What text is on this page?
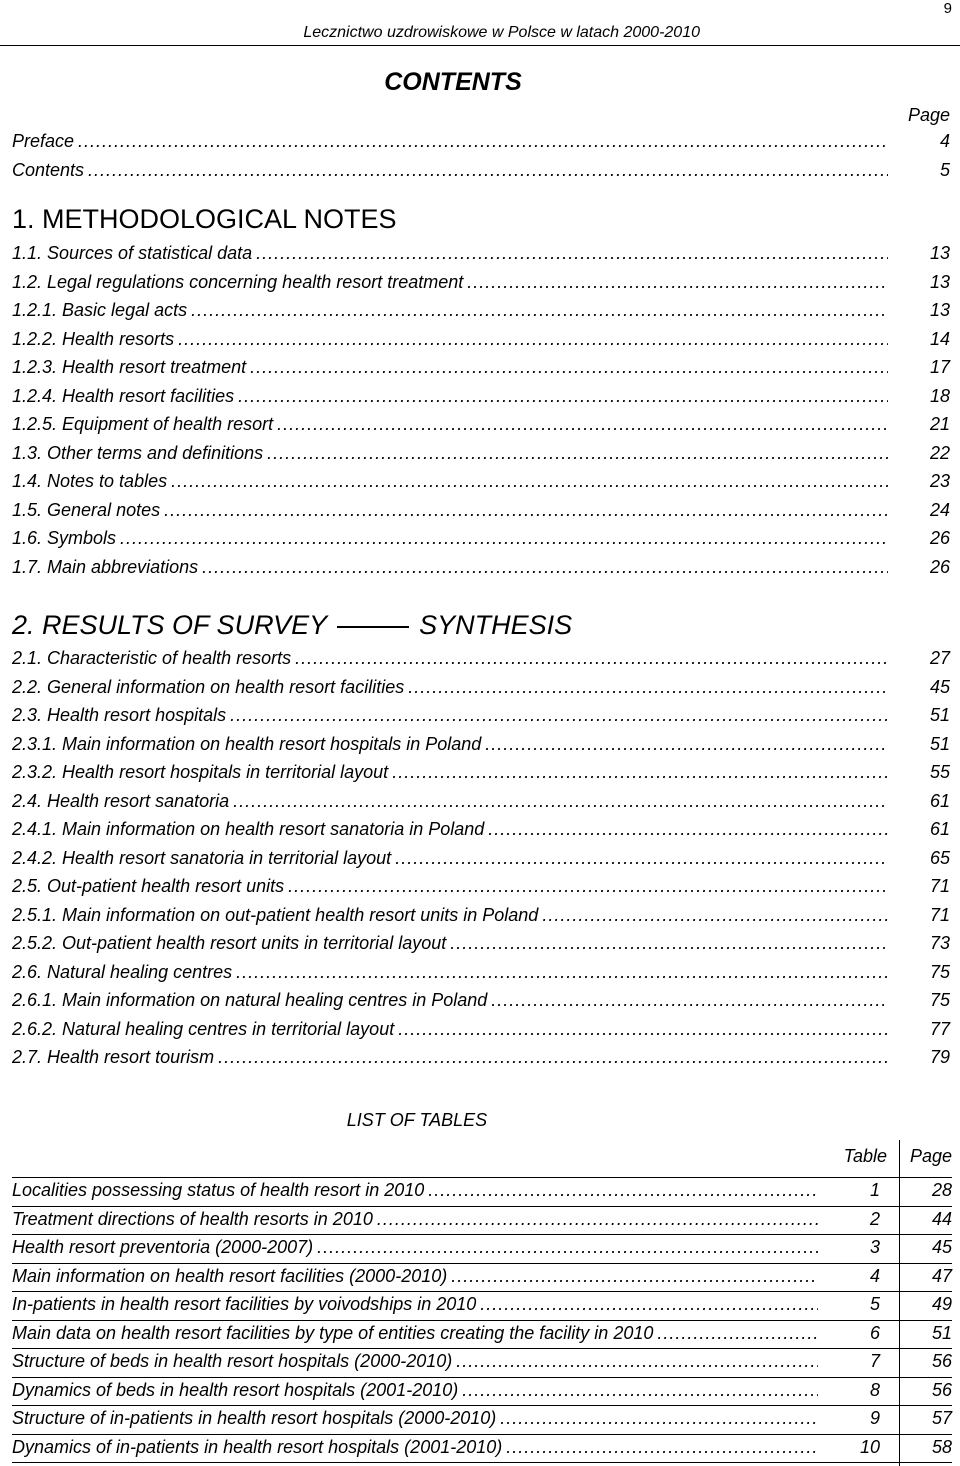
9
Lecznictwo uzdrowiskowe w Polsce w latach 2000-2010
CONTENTS
Page
Preface .....	4
Contents .....	5
1. METHODOLOGICAL NOTES
1.1. Sources of statistical data .....	13
1.2. Legal regulations concerning health resort treatment .....	13
1.2.1. Basic legal acts .....	13
1.2.2. Health resorts .....	14
1.2.3. Health resort treatment .....	17
1.2.4. Health resort facilities .....	18
1.2.5. Equipment of health resort .....	21
1.3. Other terms and definitions .....	22
1.4. Notes to tables .....	23
1.5. General notes .....	24
1.6. Symbols .....	26
1.7. Main abbreviations .....	26
2. RESULTS OF SURVEY	SYNTHESIS
2.1. Characteristic of health resorts .....	27
2.2. General information on health resort facilities .....	45
2.3. Health resort hospitals .....	51
2.3.1. Main information on health resort hospitals in Poland .....	51
2.3.2. Health resort hospitals in territorial layout .....	55
2.4. Health resort sanatoria .....	61
2.4.1. Main information on health resort sanatoria in Poland .....	61
2.4.2. Health resort sanatoria in territorial layout .....	65
2.5. Out-patient health resort units .....	71
2.5.1. Main information on out-patient health resort units in Poland .....	71
2.5.2. Out-patient health resort units in territorial layout .....	73
2.6. Natural healing centres .....	75
2.6.1. Main information on natural healing centres in Poland .....	75
2.6.2. Natural healing centres in territorial layout .....	77
2.7. Health resort tourism .....	79
LIST OF TABLES
Table Page
Localities possessing status of health resort in 2010 .....	1	28
Treatment directions of health resorts in 2010 .....	2	44
Health resort preventoria (2000-2007) .....	3	45
Main information on health resort facilities (2000-2010) .....	4	47
In-patients in health resort facilities by voivodships in 2010 .....	5	49
Main data on health resort facilities by type of entities creating the facility in 2010 .....	6	51
Structure of beds in health resort hospitals (2000-2010) .....	7	56
Dynamics of beds in health resort hospitals (2001-2010) .....	8	56
Structure of in-patients in health resort hospitals (2000-2010) .....	9	57
Dynamics of in-patients in health resort hospitals (2001-2010) .....	10	58
